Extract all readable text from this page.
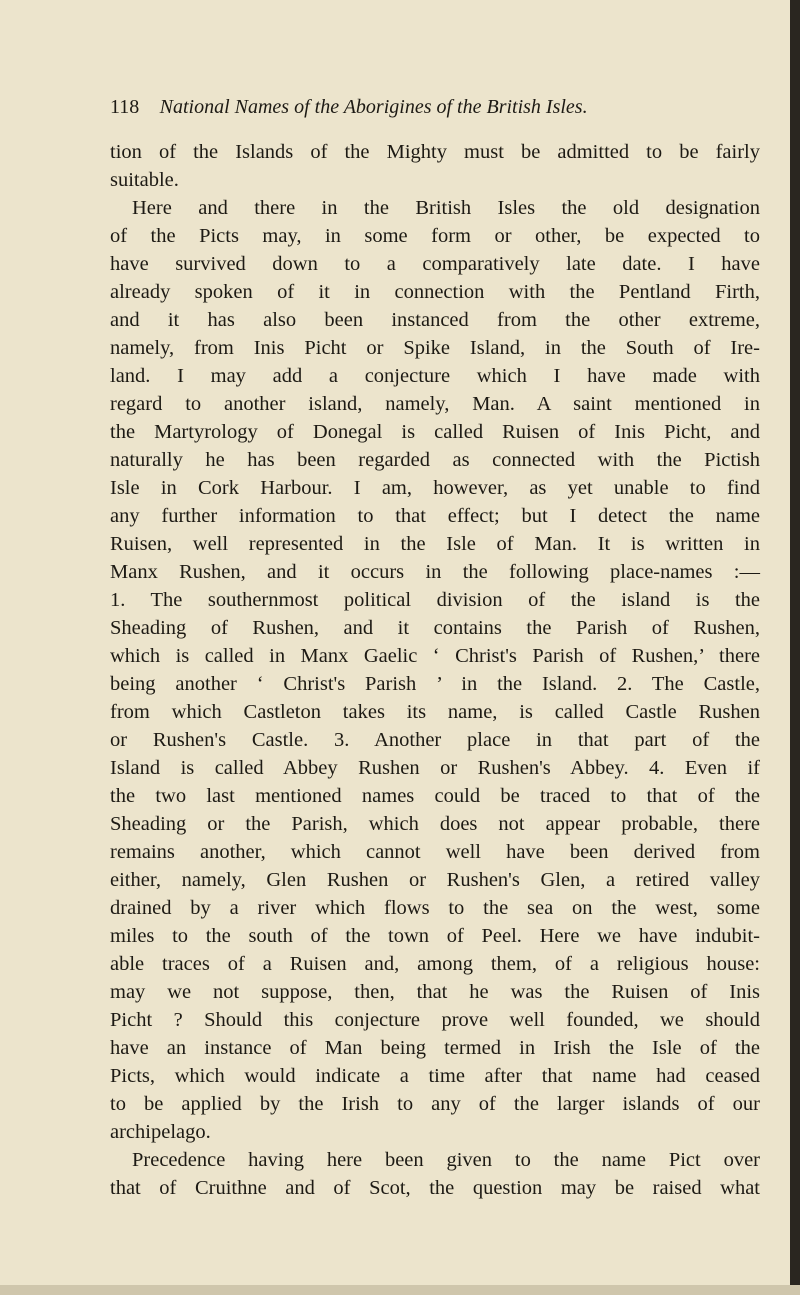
118 National Names of the Aborigines of the British Isles.
tion of the Islands of the Mighty must be admitted to be fairly
suitable.
Here and there in the British Isles the old designation
of the Picts may, in some form or other, be expected to
have survived down to a comparatively late date. I have
already spoken of it in connection with the Pentland Firth,
and it has also been instanced from the other extreme,
namely, from Inis Picht or Spike Island, in the South of Ire-
land. I may add a conjecture which I have made with
regard to another island, namely, Man. A saint mentioned in
the Martyrology of Donegal is called Ruisen of Inis Picht, and
naturally he has been regarded as connected with the Pictish
Isle in Cork Harbour. I am, however, as yet unable to find
any further information to that effect; but I detect the name
Ruisen, well represented in the Isle of Man. It is written in
Manx Rushen, and it occurs in the following place-names :—
1. The southernmost political division of the island is the
Sheading of Rushen, and it contains the Parish of Rushen,
which is called in Manx Gaelic ‘ Christ's Parish of Rushen,’ there
being another ‘ Christ's Parish ’ in the Island. 2. The Castle,
from which Castleton takes its name, is called Castle Rushen
or Rushen's Castle. 3. Another place in that part of the
Island is called Abbey Rushen or Rushen's Abbey. 4. Even if
the two last mentioned names could be traced to that of the
Sheading or the Parish, which does not appear probable, there
remains another, which cannot well have been derived from
either, namely, Glen Rushen or Rushen's Glen, a retired valley
drained by a river which flows to the sea on the west, some
miles to the south of the town of Peel. Here we have indubit-
able traces of a Ruisen and, among them, of a religious house:
may we not suppose, then, that he was the Ruisen of Inis
Picht ? Should this conjecture prove well founded, we should
have an instance of Man being termed in Irish the Isle of the
Picts, which would indicate a time after that name had ceased
to be applied by the Irish to any of the larger islands of our
archipelago.
Precedence having here been given to the name Pict over
that of Cruithne and of Scot, the question may be raised what
